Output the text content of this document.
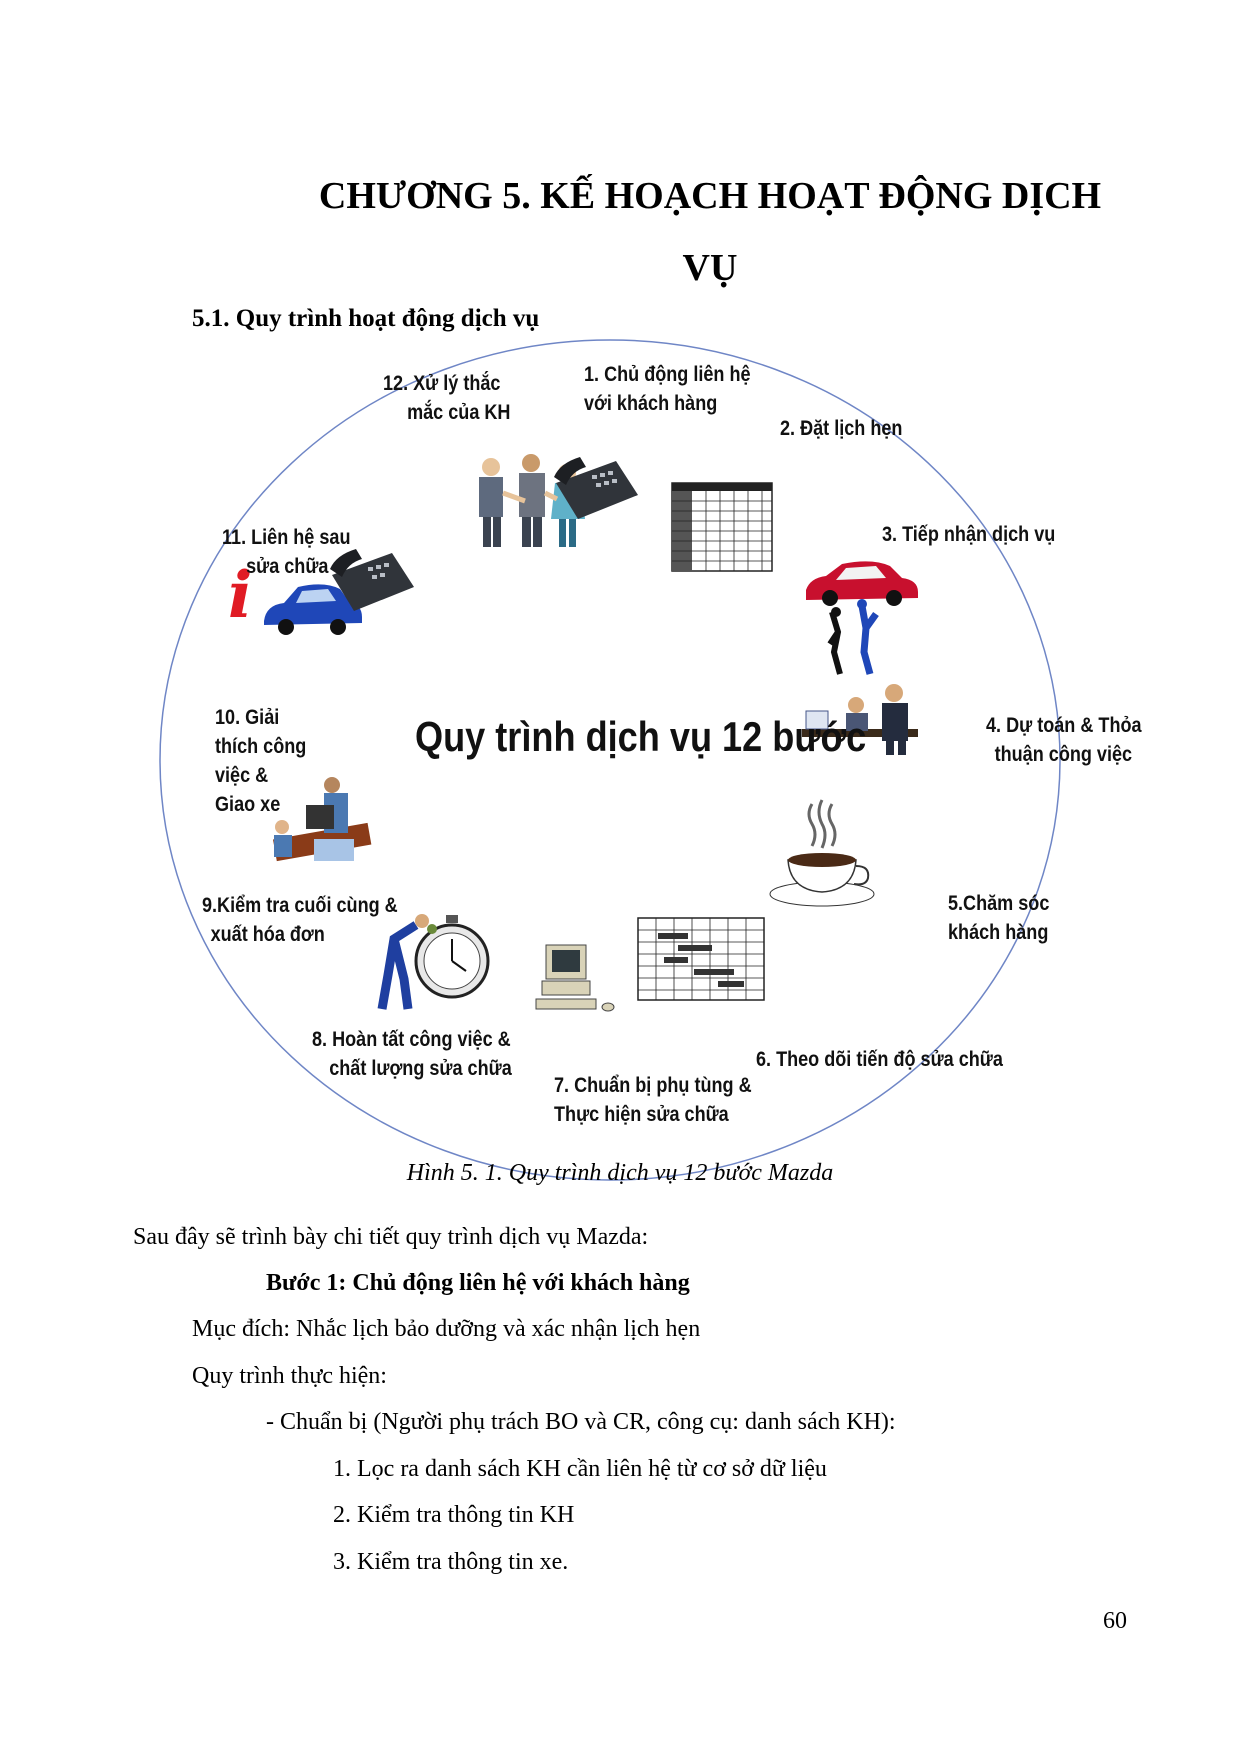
CHƯƠNG 5. KẾ HOẠCH HOẠT ĐỘNG DỊCH
VỤ
5.1. Quy trình hoạt động dịch vụ
i
Quy trình dịch vụ 12 bước
1. Chủ động liên hệ
với khách hàng
2. Đặt lịch hẹn
3. Tiếp nhận dịch vụ
4. Dự toán & Thỏa
thuận công việc
5.Chăm sóc
khách hàng
6. Theo dõi tiến độ sửa chữa
7. Chuẩn bị phụ tùng &
Thực hiện sửa chữa
8. Hoàn tất công việc &
chất lượng sửa chữa
9.Kiểm tra cuối cùng &
xuất hóa đơn
10. Giải
thích công
việc &
Giao xe
11. Liên hệ sau
sửa chữa
12. Xử lý thắc
mắc của KH
Hình 5. 1. Quy trình dịch vụ 12 bước Mazda
Sau đây sẽ trình bày chi tiết quy trình dịch vụ Mazda:
Bước 1: Chủ động liên hệ với khách hàng
Mục đích: Nhắc lịch bảo dưỡng và xác nhận lịch hẹn
Quy trình thực hiện:
- Chuẩn bị (Người phụ trách BO và CR, công cụ: danh sách KH):
1. Lọc ra danh sách KH cần liên hệ từ cơ sở dữ liệu
2. Kiểm tra thông tin KH
3. Kiểm tra thông tin xe.
60
